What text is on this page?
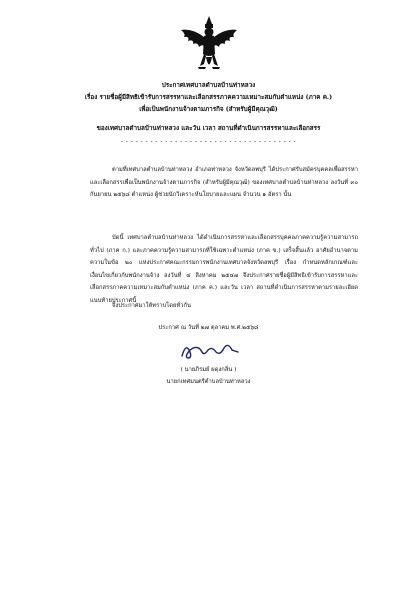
ประกาศเทศบาลตำบลบ้านท่าหลวง
เรื่อง รายชื่อผู้มีสิทธิเข้ารับการสรรหาและเลือกสรรภาคความเหมาะสมกับตำแหน่ง (ภาค ค.)
เพื่อเป็นพนักงานจ้างตามภารกิจ (สำหรับผู้มีคุณวุฒิ)
ของเทศบาลตำบลบ้านท่าหลวง และวัน เวลา สถานที่ดำเนินการสรรหาและเลือกสรร
- - - - - - - - - - - - - - - - - - - - - - - - - - - - - - - - - - - -
ตามที่เทศบาลตำบลบ้านท่าหลวง อำเภอท่าหลวง จังหวัดลพบุรี ได้ประกาศรับสมัครบุคคลเพื่อสรรหาและเลือกสรรเพื่อเป็นพนักงานจ้างตามภารกิจ (สำหรับผู้มีคุณวุฒิ) ของเทศบาลตำบลบ้านท่าหลวง ลงวันที่ ๓๐ กันยายน ๒๕๖๘ ตำแหน่ง ผู้ช่วยนักวิเคราะห์นโยบายและแผน จำนวน ๑ อัตรา นั้น
บัดนี้ เทศบาลตำบลบ้านท่าหลวง ได้ดำเนินการสรรหาและเลือกสรรบุคคลภาคความรู้ความสามารถทั่วไป (ภาค ก.) และภาคความรู้ความสามารถที่ใช้เฉพาะตำแหน่ง (ภาค ข.) เสร็จสิ้นแล้ว อาศัยอำนาจตามความในข้อ ๒๐ แห่งประกาศคณะกรรมการพนักงานเทศบาลจังหวัดลพบุรี เรื่อง กำหนดหลักเกณฑ์และเงื่อนไขเกี่ยวกับพนักงานจ้าง ลงวันที่ ๔ สิงหาคม ๒๕๔๗ จึงประกาศรายชื่อผู้มีสิทธิเข้ารับการสรรหาและเลือกสรรภาคความเหมาะสมกับตำแหน่ง (ภาค ค.) และวัน เวลา สถานที่ดำเนินการสรรหาตามรายละเอียดแนบท้ายประกาศนี้
จึงประกาศมาให้ทราบโดยทั่วกัน
ประกาศ ณ วันที่ ๒๗ ตุลาคม พ.ศ.๒๕๖๘
( นายภิรมย์ ผดุงกลิ่น )
นายกเทศมนตรีตำบลบ้านท่าหลวง
